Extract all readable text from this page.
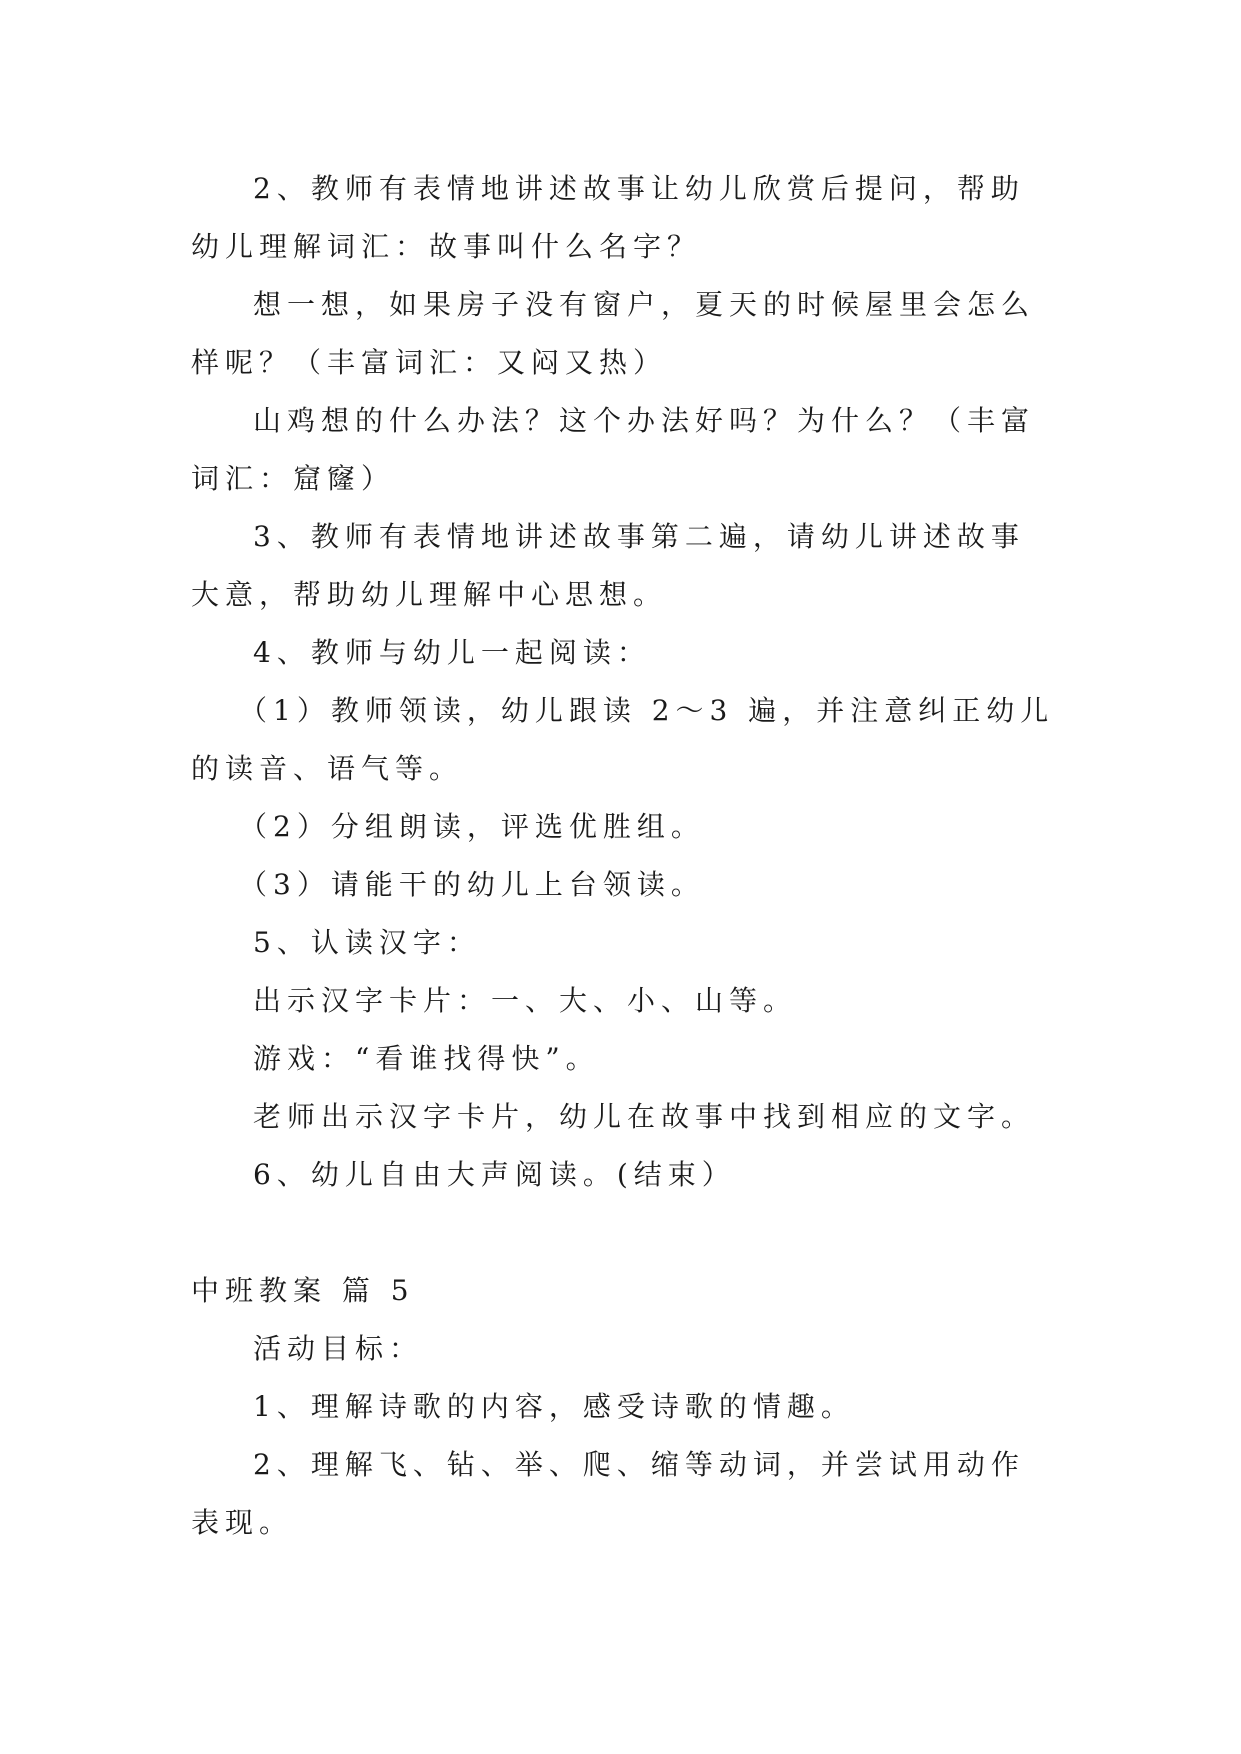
2、教师有表情地讲述故事让幼儿欣赏后提问，帮助幼儿理解词汇：故事叫什么名字？

想一想，如果房子没有窗户，夏天的时候屋里会怎么样呢？（丰富词汇：又闷又热）

山鸡想的什么办法？这个办法好吗？为什么？（丰富词汇：窟窿）

3、教师有表情地讲述故事第二遍，请幼儿讲述故事大意，帮助幼儿理解中心思想。

4、教师与幼儿一起阅读：

（1）教师领读，幼儿跟读 2～3 遍，并注意纠正幼儿的读音、语气等。

（2）分组朗读，评选优胜组。

（3）请能干的幼儿上台领读。

5、认读汉字：

出示汉字卡片：一、大、小、山等。

游戏：“看谁找得快”。

老师出示汉字卡片，幼儿在故事中找到相应的文字。

6、幼儿自由大声阅读。(结束）

中班教案 篇 5

活动目标：

1、理解诗歌的内容，感受诗歌的情趣。

2、理解飞、钻、举、爬、缩等动词，并尝试用动作表现。
